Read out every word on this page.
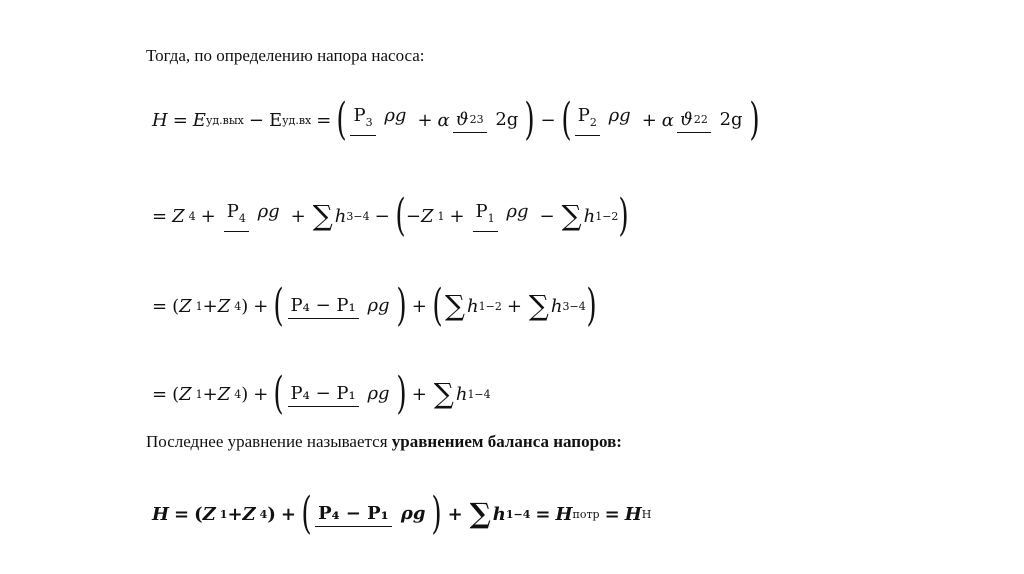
Тогда, по определению напора насоса:
H = E уд.вых − Е уд.вх = ( P3 ρg + α ϑ23 2g ) − ( P2 ρg + α ϑ22 2g )
= Z 4 + P4 ρg + ∑ h 3−4 − ( − Z 1 + P1 ρg − ∑ h 1−2 )
= ( Z 1 + Z 4 ) + ( P₄ − P₁ ρg ) + ( ∑ h 1−2 + ∑ h 3−4 )
= ( Z 1 + Z 4 ) + ( P₄ − P₁ ρg ) + ∑ h 1−4
Последнее уравнение называется уравнением баланса напоров:
H = ( Z 1 + Z 4 ) + ( P₄ − P₁ ρg ) + ∑ h 1−4 = H потр = H Н
